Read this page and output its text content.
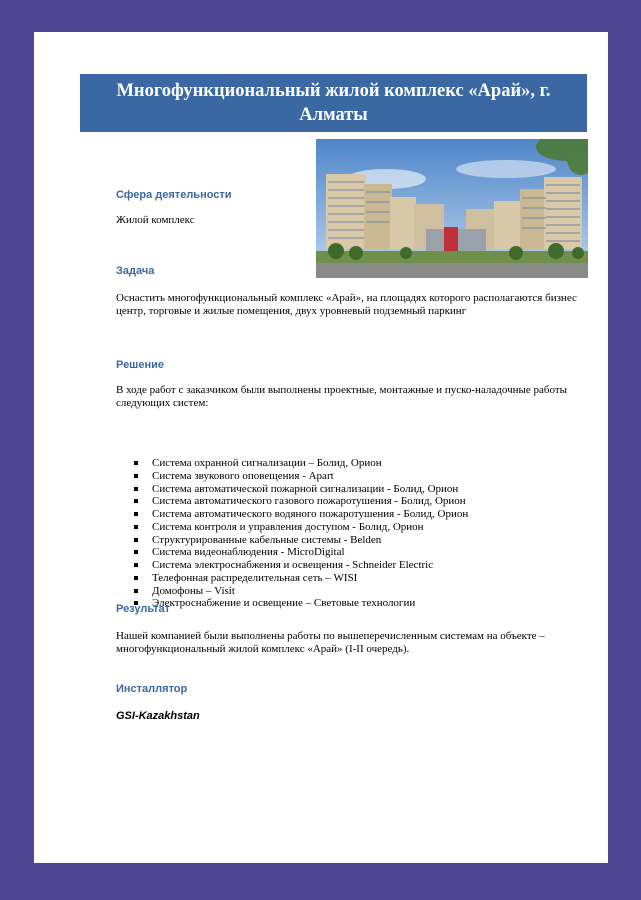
Многофункциональный жилой комплекс «Арай», г. Алматы
Сфера деятельности
Жилой комплекс
Задача
Оснастить многофункциональный комплекс «Арай», на площадях которого располагаются бизнес центр, торговые и жилые помещения, двух уровневый подземный паркинг
Решение
В ходе работ с заказчиком были выполнены проектные, монтажные и пуско-наладочные работы следующих систем:
Система охранной сигнализации – Болид, Орион
Система звукового оповещения - Apart
Система автоматической пожарной сигнализации - Болид, Орион
Система автоматического газового пожаротушения - Болид, Орион
Система автоматического водяного пожаротушения - Болид, Орион
Система контроля и управления доступом - Болид, Орион
Структурированные кабельные системы - Belden
Система видеонаблюдения - MicroDigital
Система электроснабжения и освещения - Schneider Electric
Телефонная распределительная сеть – WISI
Домофоны – Visit
Электроснабжение и освещение – Световые технологии
Результат
Нашей компанией были выполнены работы по вышеперечисленным системам на объекте – многофункциональный жилой комплекс «Арай» (I-II очередь).
Инсталлятор
GSI-Kazakhstan
